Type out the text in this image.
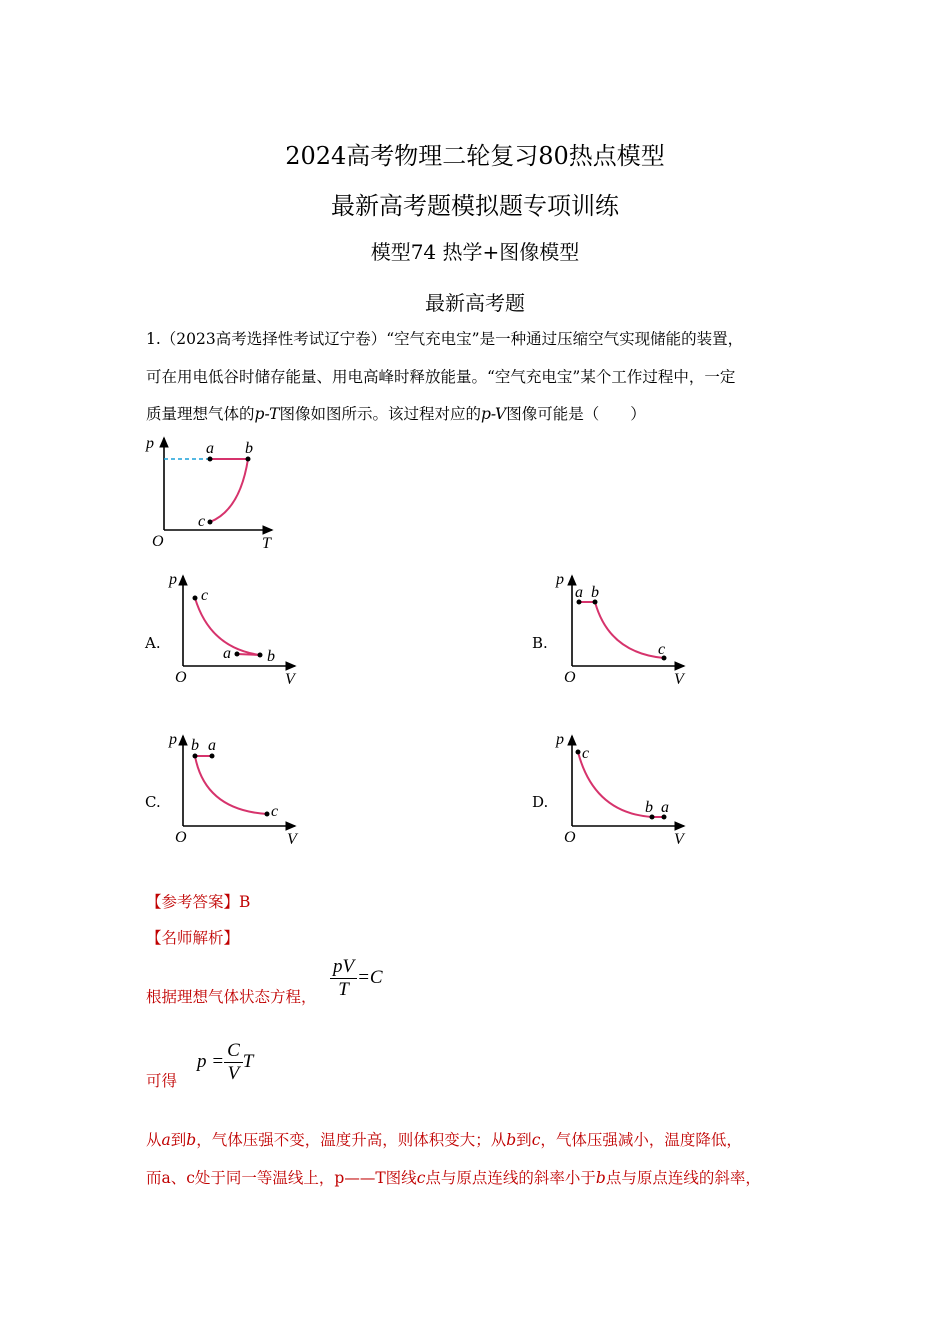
2024高考物理二轮复习80热点模型
最新高考题模拟题专项训练
模型74 热学+图像模型
最新高考题
1.（2023高考选择性考试辽宁卷）“空气充电宝”是一种通过压缩空气实现储能的装置，
可在用电低谷时储存能量、用电高峰时释放能量。“空气充电宝”某个工作过程中，一定
质量理想气体的p-T图像如图所示。该过程对应的p-V图像可能是（　　）
p	a b
c
O	T
A.
p
c
a b
O	V
B.
p
a b
c
O	V
C.
p b a
c
O	V
D.
p
c
b a
O	V
【参考答案】B
【名师解析】
根据理想气体状态方程， $\frac{pV}{T} =C$
可得
$p = \frac{C}{V}$ T
从a到b，气体压强不变，温度升高，则体积变大；从b到c，气体压强减小，温度降低，
而a、c处于同一等温线上，p——T图线c点与原点连线的斜率小于b点与原点连线的斜率，
